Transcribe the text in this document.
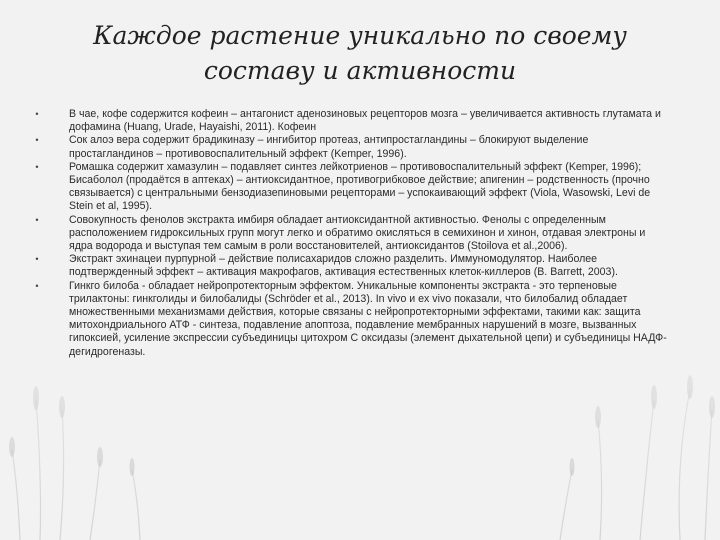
Каждое растение уникально по своему
составу и активности
•	В чае, кофе содержится кофеин – антагонист аденозиновых рецепторов мозга – увеличивается активность глутамата и дофамина (Huang, Urade, Hayaishi, 2011). Кофеин
•	Сок алоэ вера содержит брадикиназу – ингибитор протеаз, антипростагландины – блокируют выделение простагландинов – противовоспалительный эффект (Kemper, 1996).
•	Ромашка содержит хамазулин – подавляет синтез лейкотриенов – противовоспалительный эффект (Kemper, 1996); Бисаболол (продаётся в аптеках) – антиоксидантное, противогрибковое действие; апигенин – родственность (прочно связывается) с центральными бензодиазепиновыми рецепторами – успокаивающий эффект (Viola, Wasowski, Levi de Stein et al, 1995).
•	Совокупность фенолов экстракта имбиря обладает антиоксидантной активностью. Фенолы с определенным расположением гидроксильных групп могут легко и обратимо окисляться в семихинон и хинон, отдавая электроны и ядра водорода и выступая тем самым в роли восстановителей, антиоксидантов (Stoilova et al.,2006).
•	Экстракт эхинацеи пурпурной – действие полисахаридов сложно разделить. Иммуномодулятор. Наиболее подтвержденный эффект – активация макрофагов, активация естественных клеток-киллеров (B. Barrett, 2003).
•	Гинкго билоба - обладает нейропротекторным эффектом. Уникальные компоненты экстракта - это терпеновые трилактоны: гинкголиды и билобалиды (Schröder et al., 2013). In vivo и ex vivo показали, что билобалид обладает множественными механизмами действия, которые связаны с нейропротекторными эффектами, такими как: защита митохондриального АТФ - синтеза, подавление апоптоза, подавление мембранных нарушений в мозге, вызванных гипоксией, усиление экспрессии субъединицы цитохром С оксидазы (элемент дыхательной цепи) и субъединицы НАДФ-дегидрогеназы.
